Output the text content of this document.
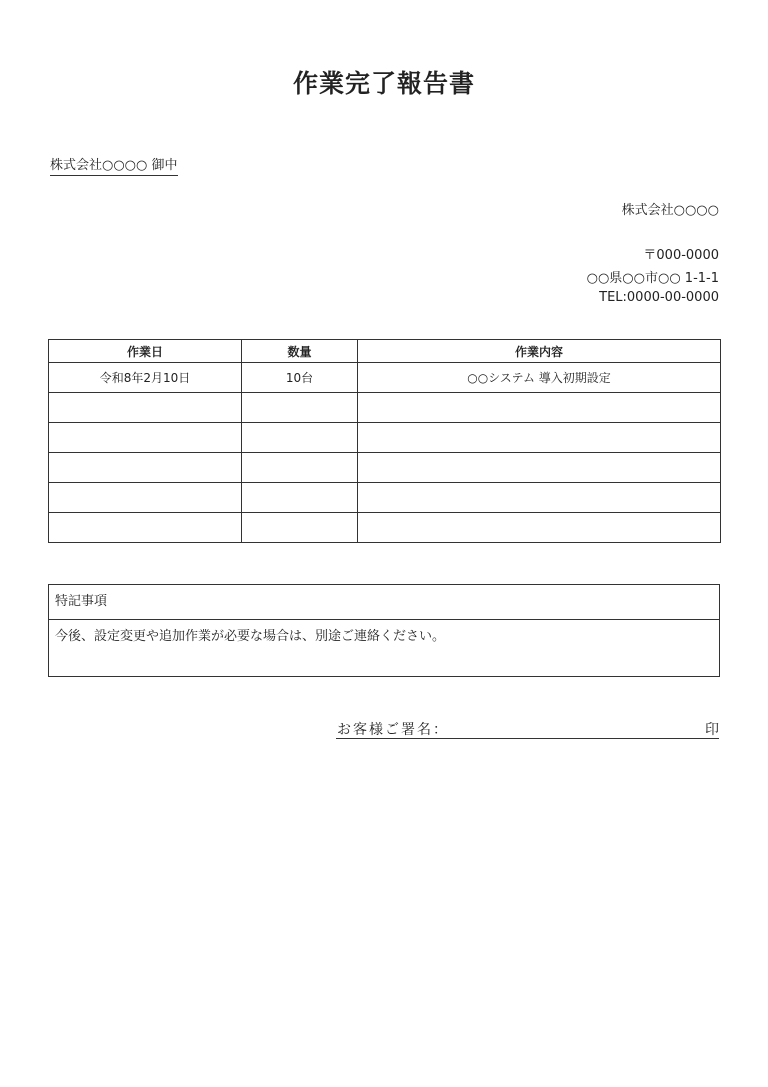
作業完了報告書
株式会社○○○○ 御中
株式会社○○○○
〒000-0000
○○県○○市○○ 1-1-1
TEL:0000-00-0000
作業日	数量	作業内容
令和8年2月10日	10台	○○システム 導入初期設定

特記事項
今後、設定変更や追加作業が必要な場合は、別途ご連絡ください。
お客様ご署名：	印
